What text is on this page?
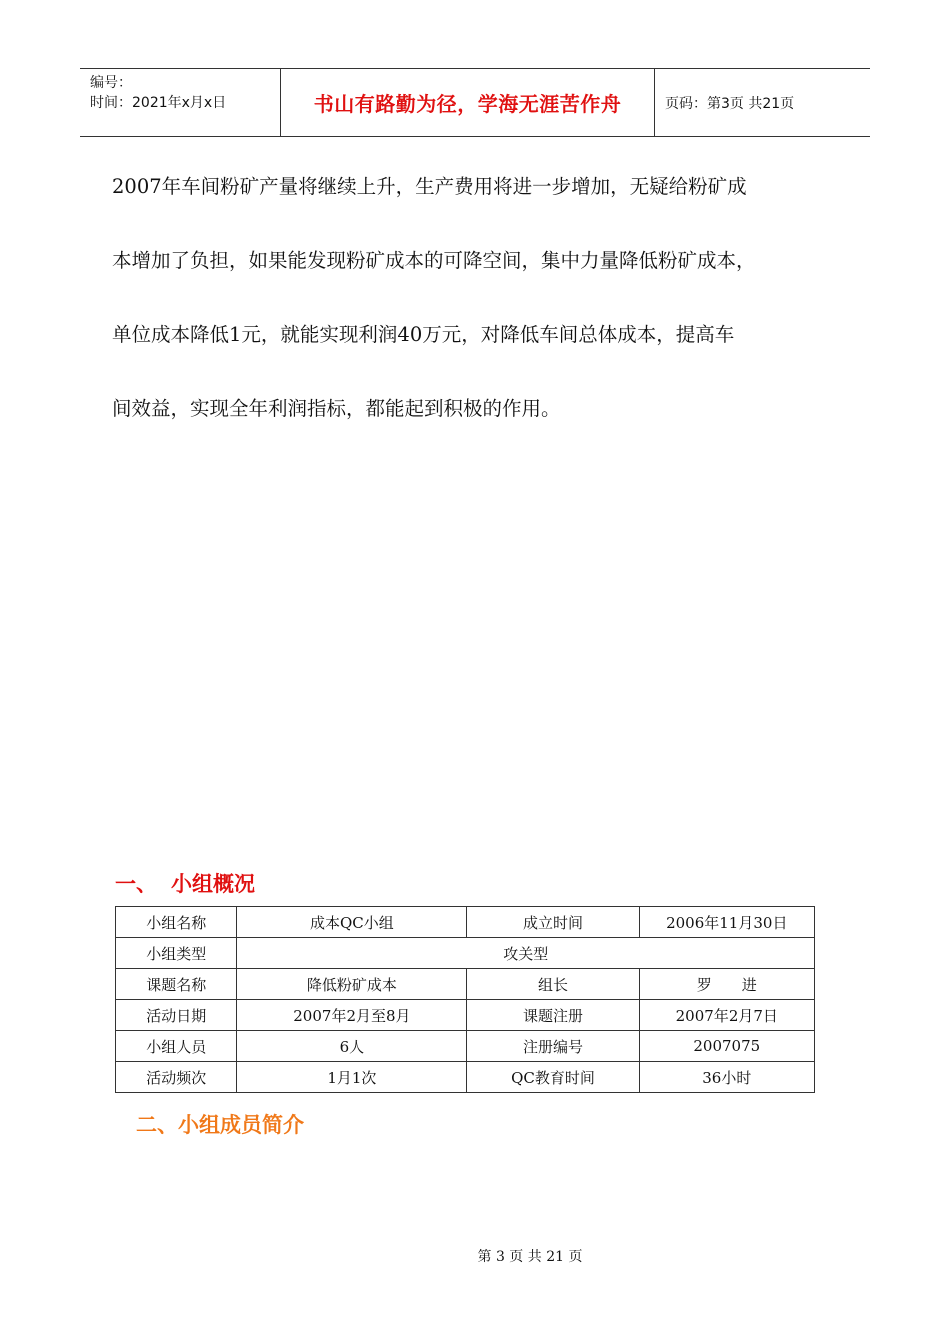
编号：
时间：2021年x月x日	书山有路勤为径，学海无涯苦作舟	页码：第3页 共21页
2007年车间粉矿产量将继续上升，生产费用将进一步增加，无疑给粉矿成
本增加了负担，如果能发现粉矿成本的可降空间，集中力量降低粉矿成本，
单位成本降低1元，就能实现利润40万元，对降低车间总体成本，提高车
间效益，实现全年利润指标，都能起到积极的作用。
一、 小组概况
小组名称	成本QC小组	成立时间	2006年11月30日
小组类型	攻关型		
课题名称	降低粉矿成本	组长	罗　　进
活动日期	2007年2月至8月	课题注册	2007年2月7日
小组人员	6人	注册编号	2007075
活动频次	1月1次	QC教育时间	36小时
二、小组成员简介
第 3 页 共 21 页
